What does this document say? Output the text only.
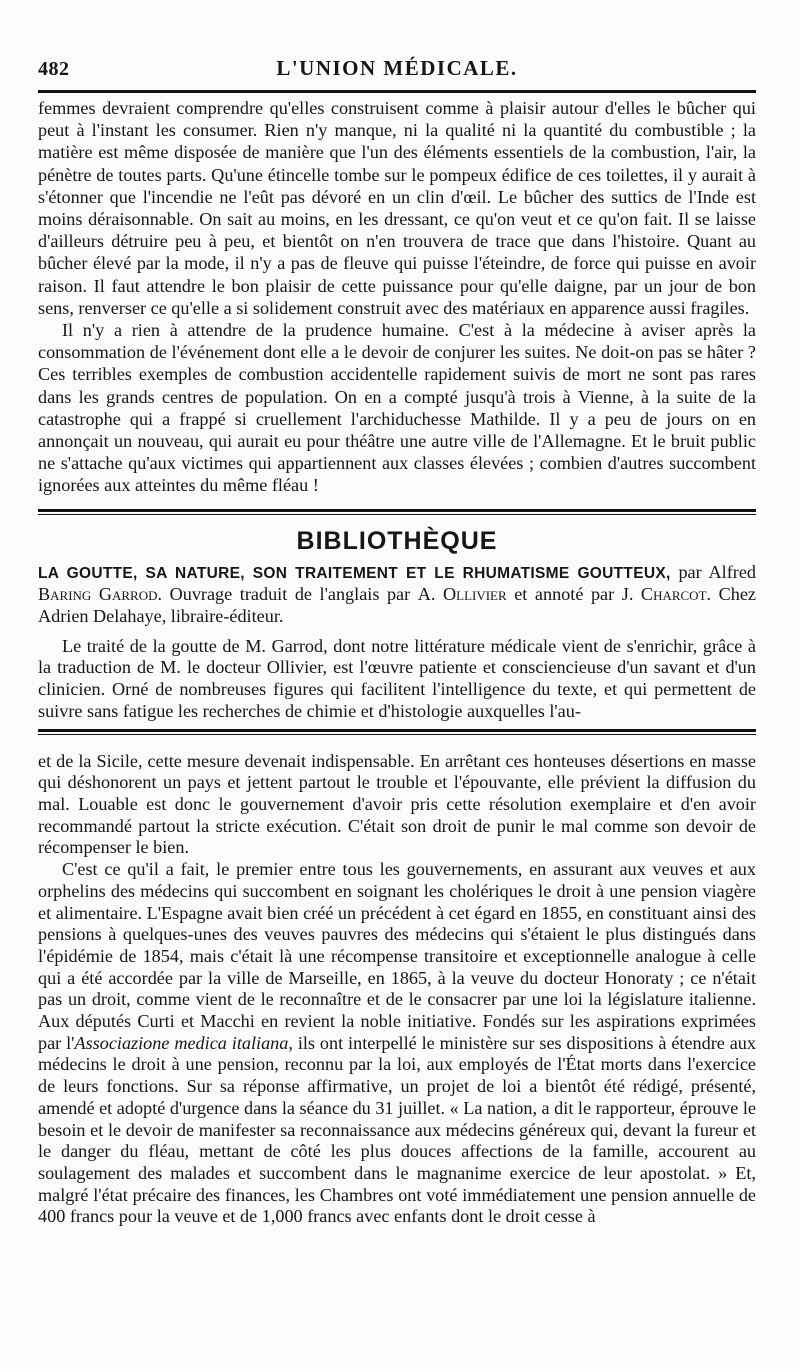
482	L'UNION MÉDICALE.

femmes devraient comprendre qu'elles construisent comme à plaisir autour d'elles le bûcher qui peut à l'instant les consumer. Rien n'y manque, ni la qualité ni la quantité du combustible ; la matière est même disposée de manière que l'un des éléments essentiels de la combustion, l'air, la pénètre de toutes parts. Qu'une étincelle tombe sur le pompeux édifice de ces toilettes, il y aurait à s'étonner que l'incendie ne l'eût pas dévoré en un clin d'œil. Le bûcher des suttics de l'Inde est moins déraisonnable. On sait au moins, en les dressant, ce qu'on veut et ce qu'on fait. Il se laisse d'ailleurs détruire peu à peu, et bientôt on n'en trouvera de trace que dans l'histoire. Quant au bûcher élevé par la mode, il n'y a pas de fleuve qui puisse l'éteindre, de force qui puisse en avoir raison. Il faut attendre le bon plaisir de cette puissance pour qu'elle daigne, par un jour de bon sens, renverser ce qu'elle a si solidement construit avec des matériaux en apparence aussi fragiles.

Il n'y a rien à attendre de la prudence humaine. C'est à la médecine à aviser après la consommation de l'événement dont elle a le devoir de conjurer les suites. Ne doit-on pas se hâter ? Ces terribles exemples de combustion accidentelle rapidement suivis de mort ne sont pas rares dans les grands centres de population. On en a compté jusqu'à trois à Vienne, à la suite de la catastrophe qui a frappé si cruellement l'archiduchesse Mathilde. Il y a peu de jours on en annonçait un nouveau, qui aurait eu pour théâtre une autre ville de l'Allemagne. Et le bruit public ne s'attache qu'aux victimes qui appartiennent aux classes élevées ; combien d'autres succombent ignorées aux atteintes du même fléau !

BIBLIOTHÈQUE

LA GOUTTE, SA NATURE, SON TRAITEMENT ET LE RHUMATISME GOUTTEUX, par Alfred Baring Garrod. Ouvrage traduit de l'anglais par A. Ollivier et annoté par J. Charcot. Chez Adrien Delahaye, libraire-éditeur.

Le traité de la goutte de M. Garrod, dont notre littérature médicale vient de s'enrichir, grâce à la traduction de M. le docteur Ollivier, est l'œuvre patiente et consciencieuse d'un savant et d'un clinicien. Orné de nombreuses figures qui facilitent l'intelligence du texte, et qui permettent de suivre sans fatigue les recherches de chimie et d'histologie auxquelles l'au-

et de la Sicile, cette mesure devenait indispensable. En arrêtant ces honteuses désertions en masse qui déshonorent un pays et jettent partout le trouble et l'épouvante, elle prévient la diffusion du mal. Louable est donc le gouvernement d'avoir pris cette résolution exemplaire et d'en avoir recommandé partout la stricte exécution. C'était son droit de punir le mal comme son devoir de récompenser le bien.

C'est ce qu'il a fait, le premier entre tous les gouvernements, en assurant aux veuves et aux orphelins des médecins qui succombent en soignant les cholériques le droit à une pension viagère et alimentaire. L'Espagne avait bien créé un précédent à cet égard en 1855, en constituant ainsi des pensions à quelques-unes des veuves pauvres des médecins qui s'étaient le plus distingués dans l'épidémie de 1854, mais c'était là une récompense transitoire et exceptionnelle analogue à celle qui a été accordée par la ville de Marseille, en 1865, à la veuve du docteur Honoraty ; ce n'était pas un droit, comme vient de le reconnaître et de le consacrer par une loi la législature italienne. Aux députés Curti et Macchi en revient la noble initiative. Fondés sur les aspirations exprimées par l'Associazione medica italiana, ils ont interpellé le ministère sur ses dispositions à étendre aux médecins le droit à une pension, reconnu par la loi, aux employés de l'État morts dans l'exercice de leurs fonctions. Sur sa réponse affirmative, un projet de loi a bientôt été rédigé, présenté, amendé et adopté d'urgence dans la séance du 31 juillet. « La nation, a dit le rapporteur, éprouve le besoin et le devoir de manifester sa reconnaissance aux médecins généreux qui, devant la fureur et le danger du fléau, mettant de côté les plus douces affections de la famille, accourent au soulagement des malades et succombent dans le magnanime exercice de leur apostolat. » Et, malgré l'état précaire des finances, les Chambres ont voté immédiatement une pension annuelle de 400 francs pour la veuve et de 1,000 francs avec enfants dont le droit cesse à
